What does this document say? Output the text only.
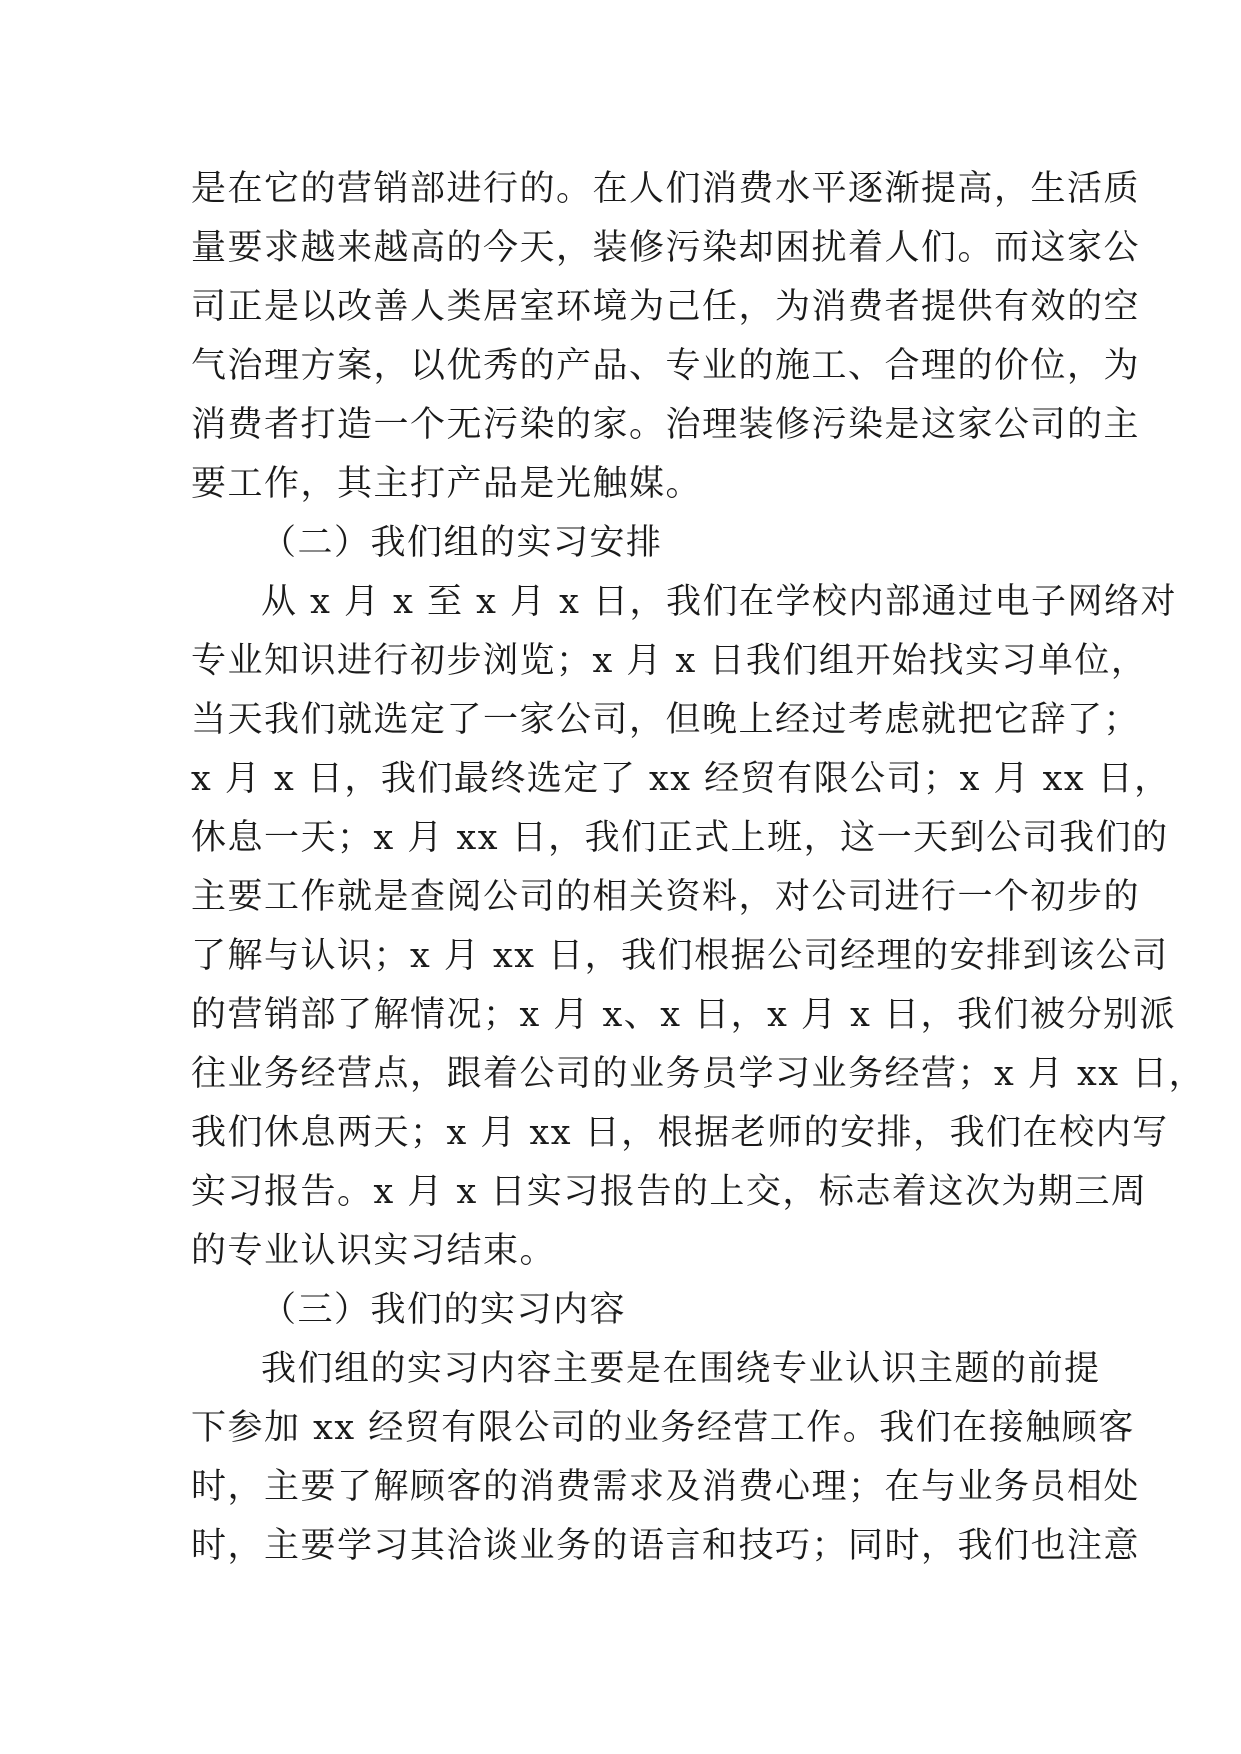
是在它的营销部进行的。在人们消费水平逐渐提高，生活质
量要求越来越高的今天，装修污染却困扰着人们。而这家公
司正是以改善人类居室环境为己任，为消费者提供有效的空
气治理方案，以优秀的产品、专业的施工、合理的价位，为
消费者打造一个无污染的家。治理装修污染是这家公司的主
要工作，其主打产品是光触媒。
（二）我们组的实习安排
从 x 月 x 至 x 月 x 日，我们在学校内部通过电子网络对
专业知识进行初步浏览；x 月 x 日我们组开始找实习单位，
当天我们就选定了一家公司，但晚上经过考虑就把它辞了；
x 月 x 日，我们最终选定了 xx 经贸有限公司；x 月 xx 日，
休息一天；x 月 xx 日，我们正式上班，这一天到公司我们的
主要工作就是查阅公司的相关资料，对公司进行一个初步的
了解与认识；x 月 xx 日，我们根据公司经理的安排到该公司
的营销部了解情况；x 月 x、x 日，x 月 x 日，我们被分别派
往业务经营点，跟着公司的业务员学习业务经营；x 月 xx 日，
我们休息两天；x 月 xx 日，根据老师的安排，我们在校内写
实习报告。x 月 x 日实习报告的上交，标志着这次为期三周
的专业认识实习结束。
（三）我们的实习内容
我们组的实习内容主要是在围绕专业认识主题的前提
下参加 xx 经贸有限公司的业务经营工作。我们在接触顾客
时，主要了解顾客的消费需求及消费心理；在与业务员相处
时，主要学习其洽谈业务的语言和技巧；同时，我们也注意
